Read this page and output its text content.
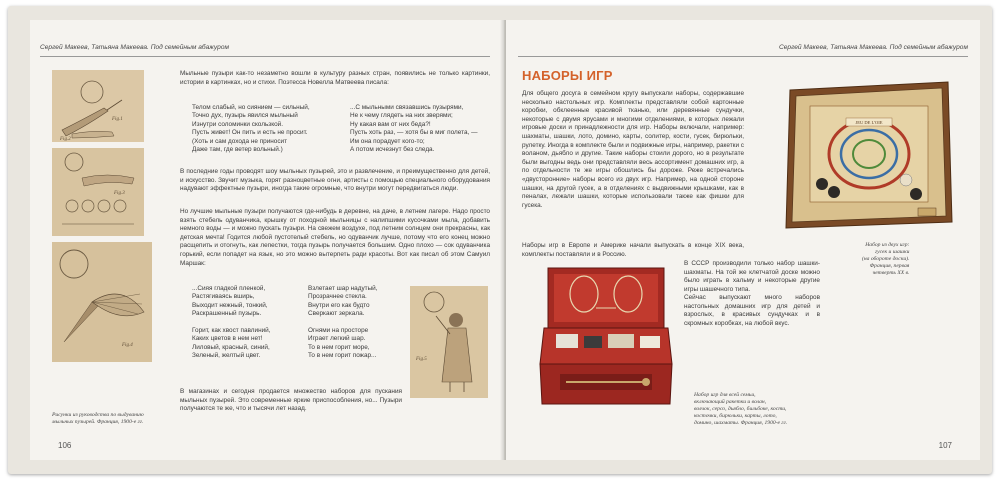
Сергей Макеев, Татьяна Макеева. Под семейным абажуром
Fig.1
Fig.2
Fig.3
Fig.4
Рисунки из руководства по выдуванию
мыльных пузырей. Франция, 1900-е гг.
Мыльные пузыри как-то незаметно вошли в культуру разных стран, появились не только картинки, истории в картинках, но и стихи. Поэтесса Новелла Матвеева писала:
Телом слабый, но сиянием — сильный,
Точно дух, пузырь явился мыльный
Изнутри соломинки скользкой.
Пусть живет! Он пить и есть не просит.
(Хоть и сам дохода не приносит
Даже там, где ветер вольный.)
...С мыльными связавшись пузырями,
Не к чему глядеть на них зверями;
Ну какая вам от них беда?!
Пусть хоть раз, — хотя бы в миг полета, —
Им она порадует кого-то;
А потом исчезнут без следа.
В последние годы проводят шоу мыльных пузырей, это и развлечение, и преимущественно для детей, и искусство. Звучит музыка, горят разноцветные огни, артисты с помощью специального оборудования надувают эффектные пузыри, иногда такие огромные, что внутри могут передвигаться люди.
Но лучшие мыльные пузыри получаются где-нибудь в деревне, на даче, в летнем лагере. Надо просто взять стебель одуванчика, крышку от походной мыльницы с налипшими кусочками мыла, добавить немного воды — и можно пускать пузыри. На свежем воздухе, под летним солнцем они прекрасны, как детская мечта! Годится любой пустотелый стебель, но одуванчик лучше, потому что его конец можно расщепить и отогнуть, как лепестки, тогда пузырь получается большим. Одно плохо — сок одуванчика горький, если попадет на язык, но это можно вытерпеть ради красоты. Вот как писал об этом Самуил Маршак:
...Сияя гладкой пленкой,
Растягиваясь вширь,
Выходит нежный, тонкий,
Раскрашенный пузырь.

Горит, как хвост павлиний,
Каких цветов в нем нет!
Лиловый, красный, синий,
Зеленый, желтый цвет.
Взлетает шар надутый,
Прозрачнее стекла.
Внутри его как будто
Сверкают зеркала.

Огнями на просторе
Играет легкий шар.
То в нем горит море,
То в нем горит пожар...
Fig.5
В магазинах и сегодня продается множество наборов для пускания мыльных пузырей. Это современные яркие приспособления, но... Пузыри получаются те же, что и тысячи лет назад.
106
Сергей Макеев, Татьяна Макеева. Под семейным абажуром
НАБОРЫ ИГР
Для общего досуга в семейном кругу выпускали наборы, содержавшие несколько настольных игр. Комплекты представляли собой картонные коробки, обклеенные красивой тканью, или деревянные сундучки, некоторые с двумя ярусами и многими отделениями, в которых лежали игровые доски и принадлежности для игр. Наборы включали, например: шахматы, шашки, лото, домино, карты, солитер, кости, гусек, бирюльки, рулетку. Иногда в комплекте были и подвижные игры, например, ракетки с воланом, дьябло и другие. Такие наборы стоили дорого, но в результате были выгодны ведь они представляли весь ассортимент домашних игр, а по отдельности те же игры обошлись бы дороже. Реже встречались «двусторонние» наборы всего из двух игр. Например, на одной стороне шашки, на другой гусек, а в отделениях с выдвижными крышками, как в пеналах, лежали шашки, которые использовали также как фишки для гусека.
Наборы игр в Европе и Америке начали выпускать в конце XIX века, комплекты поставляли и в Россию.
В СССР производили только набор шашки-шахматы. На той же клетчатой доске можно было играть в хальму и некоторые другие игры шашечного типа.
Сейчас выпускают много наборов настольных домашних игр для детей и взрослых, в красивых сундучках и в скромных коробках, на любой вкус.
JEU DE L'OIE
Набор из двух игр:
гусек и шашки
(на обороте доски).
Франция, первая
четверть XX в.
Набор игр для всей семьи,
включающий ракетки и волан,
волчок, серсо, дьябло, бильбоке, кости,
косточки, бирюльки, карты, лото,
домино, шахматы. Франция, 1900-е гг.
107
